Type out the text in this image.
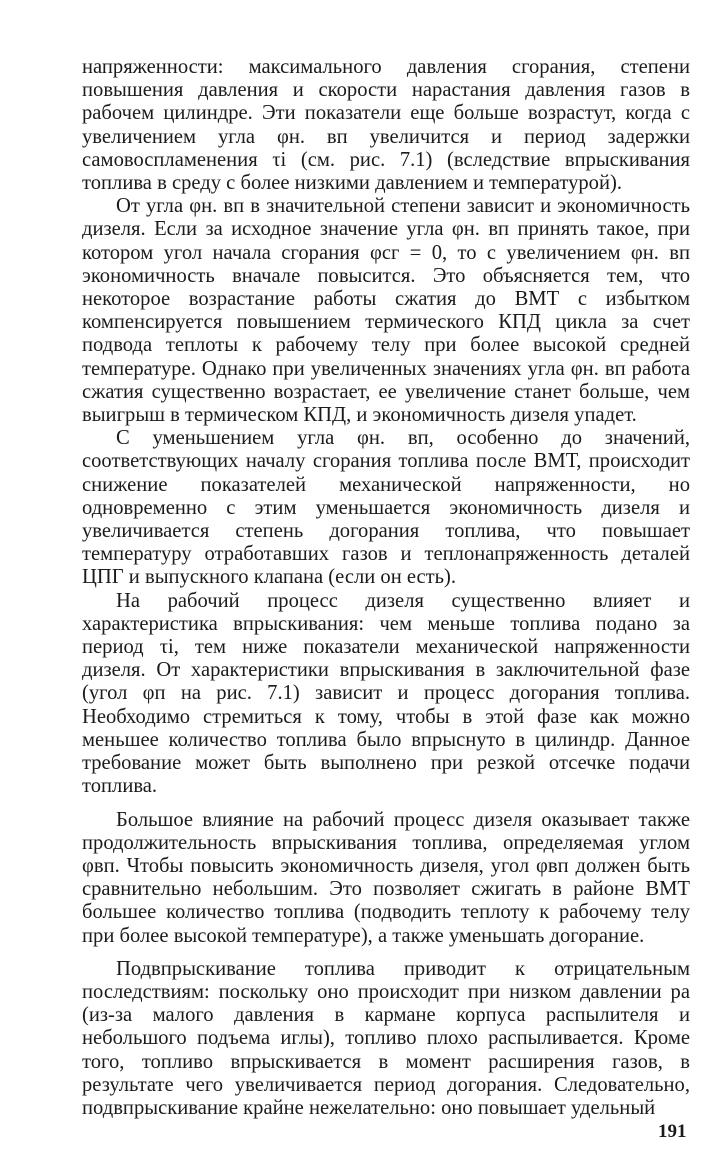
напряженности: максимального давления сгорания, степени повышения давления и скорости нарастания давления газов в рабочем цилиндре. Эти показатели еще больше возрастут, когда с увеличением угла φн. вп увеличится и период задержки самовоспламенения τi (см. рис. 7.1) (вследствие впрыскивания топлива в среду с более низкими давлением и температурой).

От угла φн. вп в значительной степени зависит и экономичность дизеля. Если за исходное значение угла φн. вп принять такое, при котором угол начала сгорания φсг = 0, то с увеличением φн. вп экономичность вначале повысится. Это объясняется тем, что некоторое возрастание работы сжатия до ВМТ с избытком компенсируется повышением термического КПД цикла за счет подвода теплоты к рабочему телу при более высокой средней температуре. Однако при увеличенных значениях угла φн. вп работа сжатия существенно возрастает, ее увеличение станет больше, чем выигрыш в термическом КПД, и экономичность дизеля упадет.

С уменьшением угла φн. вп, особенно до значений, соответствующих началу сгорания топлива после ВМТ, происходит снижение показателей механической напряженности, но одновременно с этим уменьшается экономичность дизеля и увеличивается степень догорания топлива, что повышает температуру отработавших газов и теплонапряженность деталей ЦПГ и выпускного клапана (если он есть).

На рабочий процесс дизеля существенно влияет и характеристика впрыскивания: чем меньше топлива подано за период τi, тем ниже показатели механической напряженности дизеля. От характеристики впрыскивания в заключительной фазе (угол φп на рис. 7.1) зависит и процесс догорания топлива. Необходимо стремиться к тому, чтобы в этой фазе как можно меньшее количество топлива было впрыснуто в цилиндр. Данное требование может быть выполнено при резкой отсечке подачи топлива.

Большое влияние на рабочий процесс дизеля оказывает также продолжительность впрыскивания топлива, определяемая углом φвп. Чтобы повысить экономичность дизеля, угол φвп должен быть сравнительно небольшим. Это позволяет сжигать в районе ВМТ большее количество топлива (подводить теплоту к рабочему телу при более высокой температуре), а также уменьшать догорание.

Подвпрыскивание топлива приводит к отрицательным последствиям: поскольку оно происходит при низком давлении pa (из-за малого давления в кармане корпуса распылителя и небольшого подъема иглы), топливо плохо распыливается. Кроме того, топливо впрыскивается в момент расширения газов, в результате чего увеличивается период догорания. Следовательно, подвпрыскивание крайне нежелательно: оно повышает удельный

191
